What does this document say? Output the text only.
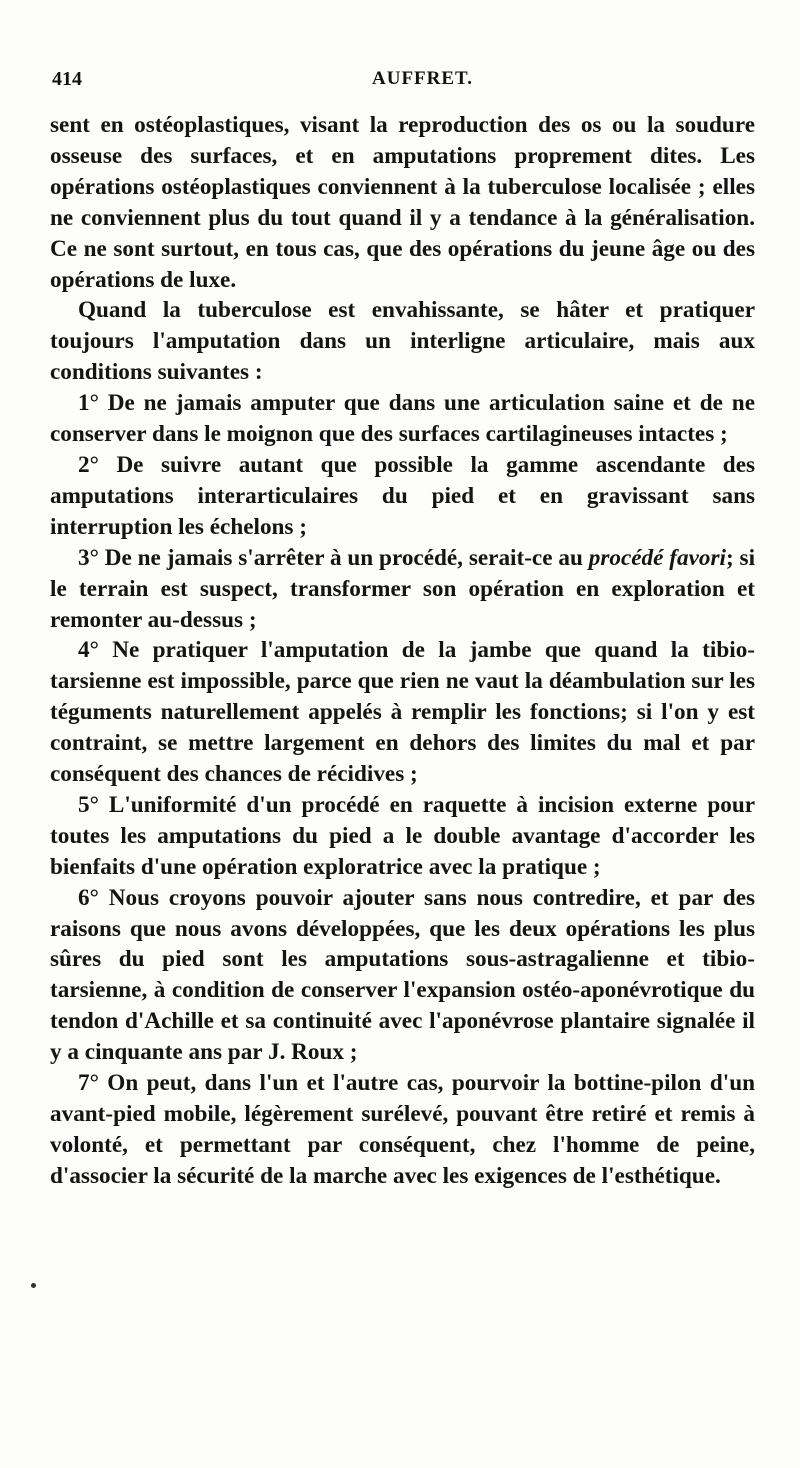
414	AUFFRET.

sent en ostéoplastiques, visant la reproduction des os ou la soudure osseuse des surfaces, et en amputations proprement dites. Les opérations ostéoplastiques conviennent à la tuberculose localisée ; elles ne conviennent plus du tout quand il y a tendance à la généralisation. Ce ne sont surtout, en tous cas, que des opérations du jeune âge ou des opérations de luxe.

Quand la tuberculose est envahissante, se hâter et pratiquer toujours l'amputation dans un interligne articulaire, mais aux conditions suivantes :

1° De ne jamais amputer que dans une articulation saine et de ne conserver dans le moignon que des surfaces cartilagineuses intactes ;

2° De suivre autant que possible la gamme ascendante des amputations interarticulaires du pied et en gravissant sans interruption les échelons ;

3° De ne jamais s'arrêter à un procédé, serait-ce au procédé favori; si le terrain est suspect, transformer son opération en exploration et remonter au-dessus ;

4° Ne pratiquer l'amputation de la jambe que quand la tibio-tarsienne est impossible, parce que rien ne vaut la déambulation sur les téguments naturellement appelés à remplir les fonctions; si l'on y est contraint, se mettre largement en dehors des limites du mal et par conséquent des chances de récidives ;

5° L'uniformité d'un procédé en raquette à incision externe pour toutes les amputations du pied a le double avantage d'accorder les bienfaits d'une opération exploratrice avec la pratique ;

6° Nous croyons pouvoir ajouter sans nous contredire, et par des raisons que nous avons développées, que les deux opérations les plus sûres du pied sont les amputations sous-astragalienne et tibio-tarsienne, à condition de conserver l'expansion ostéo-aponévrotique du tendon d'Achille et sa continuité avec l'aponévrose plantaire signalée il y a cinquante ans par J. Roux ;

7° On peut, dans l'un et l'autre cas, pourvoir la bottine-pilon d'un avant-pied mobile, légèrement surélevé, pouvant être retiré et remis à volonté, et permettant par conséquent, chez l'homme de peine, d'associer la sécurité de la marche avec les exigences de l'esthétique.
